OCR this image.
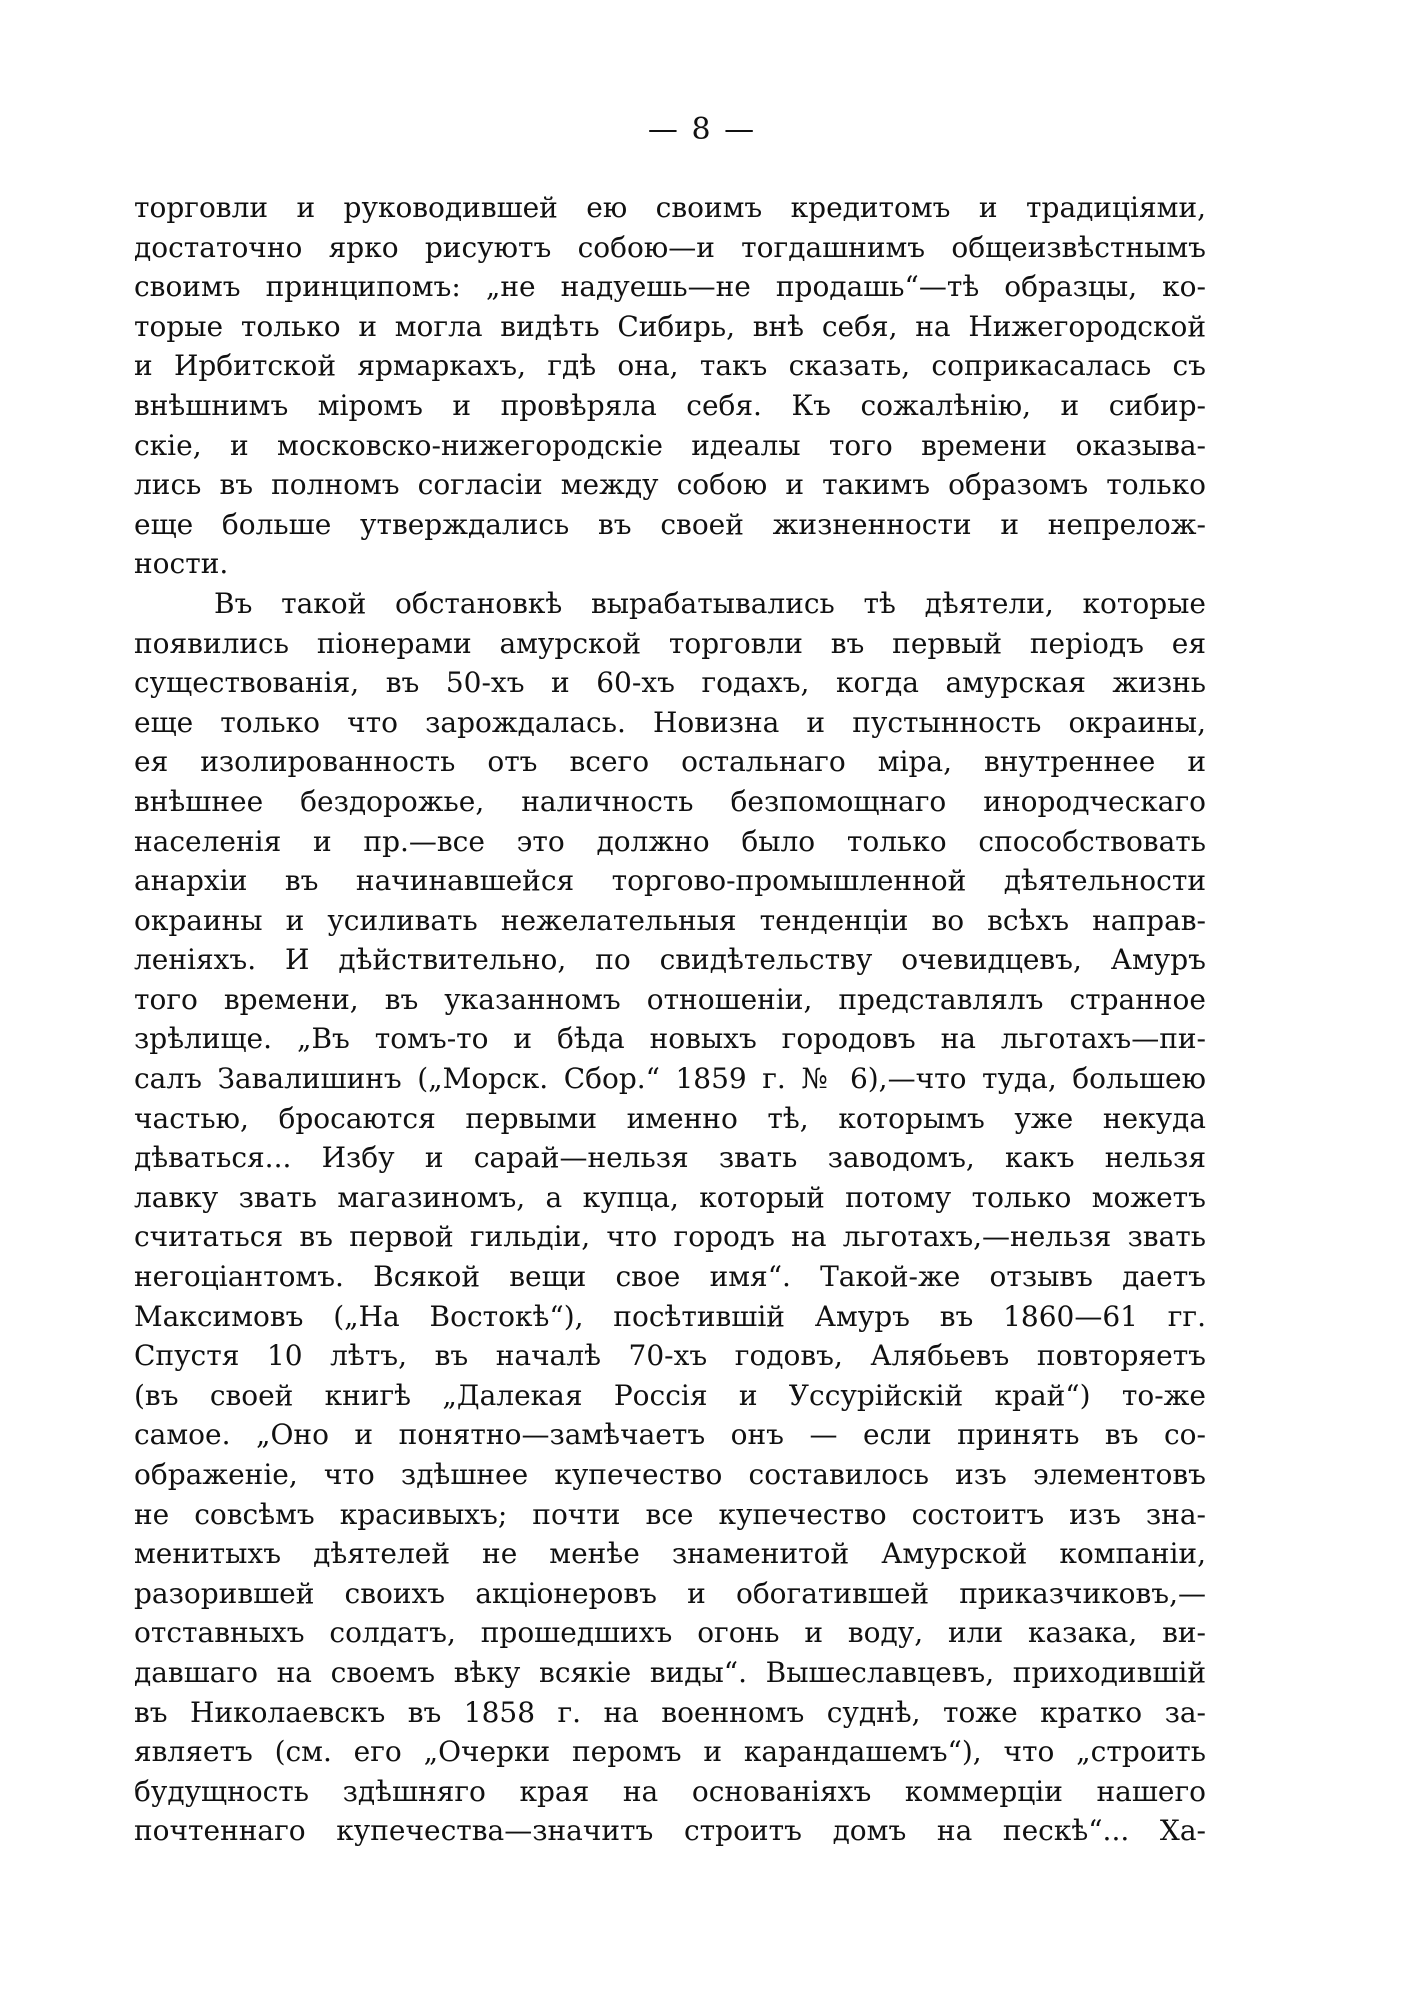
— 8 —
торговли и руководившей ею своимъ кредитомъ и традиціями,
достаточно ярко рисуютъ собою—и тогдашнимъ общеизвѣстнымъ
своимъ принципомъ: „не надуешь—не продашь“—тѣ образцы, ко-
торые только и могла видѣть Сибирь, внѣ себя, на Нижегородской
и Ирбитской ярмаркахъ, гдѣ она, такъ сказать, соприкасалась съ
внѣшнимъ міромъ и провѣряла себя. Къ сожалѣнію, и сибир-
скіе, и московско-нижегородскіе идеалы того времени оказыва-
лись въ полномъ согласіи между собою и такимъ образомъ только
еще больше утверждались въ своей жизненности и непрелож-
ности.
Въ такой обстановкѣ вырабатывались тѣ дѣятели, которые
появились піонерами амурской торговли въ первый періодъ ея
существованія, въ 50-хъ и 60-хъ годахъ, когда амурская жизнь
еще только что зарождалась. Новизна и пустынность окраины,
ея изолированность отъ всего остальнаго міра, внутреннее и
внѣшнее бездорожье, наличность безпомощнаго инородческаго
населенія и пр.—все это должно было только способствовать
анархіи въ начинавшейся торгово-промышленной дѣятельности
окраины и усиливать нежелательныя тенденціи во всѣхъ направ-
леніяхъ. И дѣйствительно, по свидѣтельству очевидцевъ, Амуръ
того времени, въ указанномъ отношеніи, представлялъ странное
зрѣлище. „Въ томъ-то и бѣда новыхъ городовъ на льготахъ—пи-
салъ Завалишинъ („Морск. Сбор.“ 1859 г. № 6),—что туда, большею
частью, бросаются первыми именно тѣ, которымъ уже некуда
дѣваться... Избу и сарай—нельзя звать заводомъ, какъ нельзя
лавку звать магазиномъ, а купца, который потому только можетъ
считаться въ первой гильдіи, что городъ на льготахъ,—нельзя звать
негоціантомъ. Всякой вещи свое имя“. Такой-же отзывъ даетъ
Максимовъ („На Востокѣ“), посѣтившій Амуръ въ 1860—61 гг.
Спустя 10 лѣтъ, въ началѣ 70-хъ годовъ, Алябьевъ повторяетъ
(въ своей книгѣ „Далекая Россія и Уссурійскій край“) то-же
самое. „Оно и понятно—замѣчаетъ онъ — если принять въ со-
ображеніе, что здѣшнее купечество составилось изъ элементовъ
не совсѣмъ красивыхъ; почти все купечество состоитъ изъ зна-
менитыхъ дѣятелей не менѣе знаменитой Амурской компаніи,
разорившей своихъ акціонеровъ и обогатившей приказчиковъ,—
отставныхъ солдатъ, прошедшихъ огонь и воду, или казака, ви-
давшаго на своемъ вѣку всякіе виды“. Вышеславцевъ, приходившій
въ Николаевскъ въ 1858 г. на военномъ суднѣ, тоже кратко за-
являетъ (см. его „Очерки перомъ и карандашемъ“), что „строить
будущность здѣшняго края на основаніяхъ коммерціи нашего
почтеннаго купечества—значитъ строитъ домъ на пескѣ“... Ха-
